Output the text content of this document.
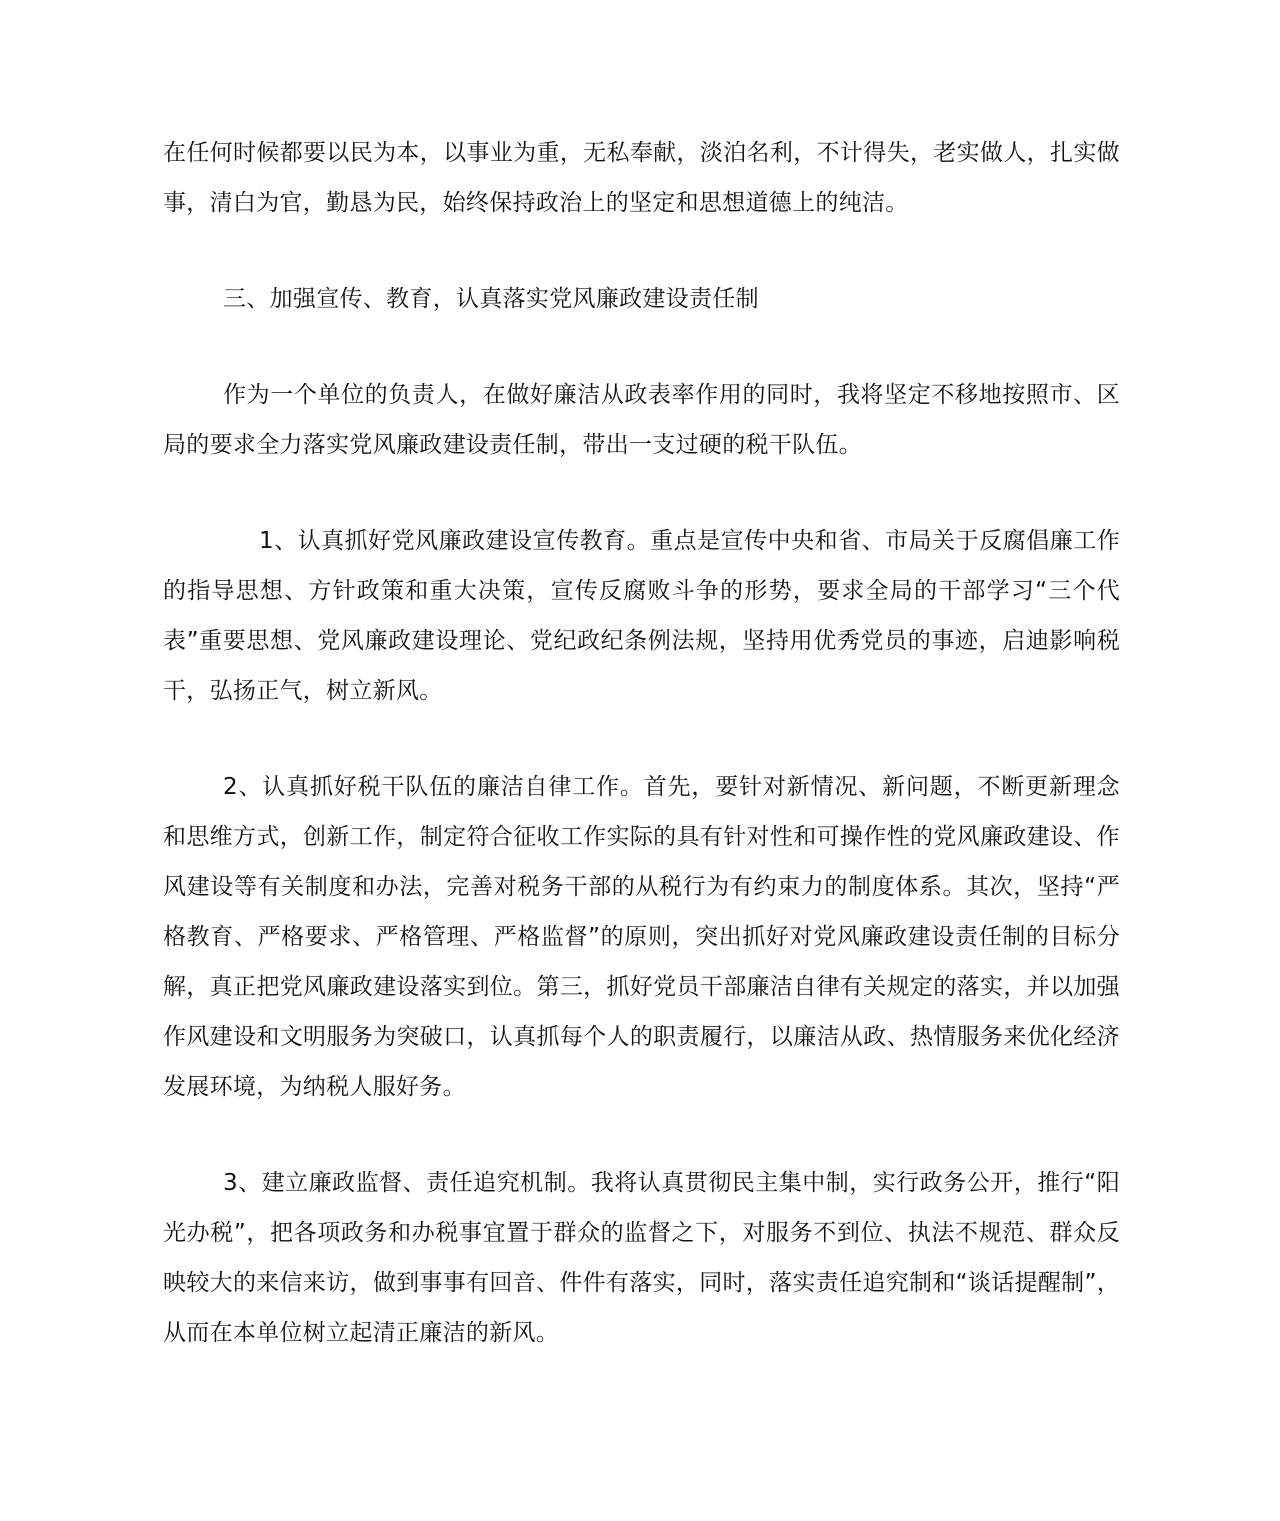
在任何时候都要以民为本，以事业为重，无私奉献，淡泊名利，不计得失，老实做人，扎实做事，清白为官，勤恳为民，始终保持政治上的坚定和思想道德上的纯洁。

三、加强宣传、教育，认真落实党风廉政建设责任制

作为一个单位的负责人，在做好廉洁从政表率作用的同时，我将坚定不移地按照市、区局的要求全力落实党风廉政建设责任制，带出一支过硬的税干队伍。

1、认真抓好党风廉政建设宣传教育。重点是宣传中央和省、市局关于反腐倡廉工作的指导思想、方针政策和重大决策，宣传反腐败斗争的形势，要求全局的干部学习“三个代表”重要思想、党风廉政建设理论、党纪政纪条例法规，坚持用优秀党员的事迹，启迪影响税干，弘扬正气，树立新风。

2、认真抓好税干队伍的廉洁自律工作。首先，要针对新情况、新问题，不断更新理念和思维方式，创新工作，制定符合征收工作实际的具有针对性和可操作性的党风廉政建设、作风建设等有关制度和办法，完善对税务干部的从税行为有约束力的制度体系。其次，坚持“严格教育、严格要求、严格管理、严格监督”的原则，突出抓好对党风廉政建设责任制的目标分解，真正把党风廉政建设落实到位。第三，抓好党员干部廉洁自律有关规定的落实，并以加强作风建设和文明服务为突破口，认真抓每个人的职责履行，以廉洁从政、热情服务来优化经济发展环境，为纳税人服好务。

3、建立廉政监督、责任追究机制。我将认真贯彻民主集中制，实行政务公开，推行“阳光办税”，把各项政务和办税事宜置于群众的监督之下，对服务不到位、执法不规范、群众反映较大的来信来访，做到事事有回音、件件有落实，同时，落实责任追究制和“谈话提醒制”，从而在本单位树立起清正廉洁的新风。
